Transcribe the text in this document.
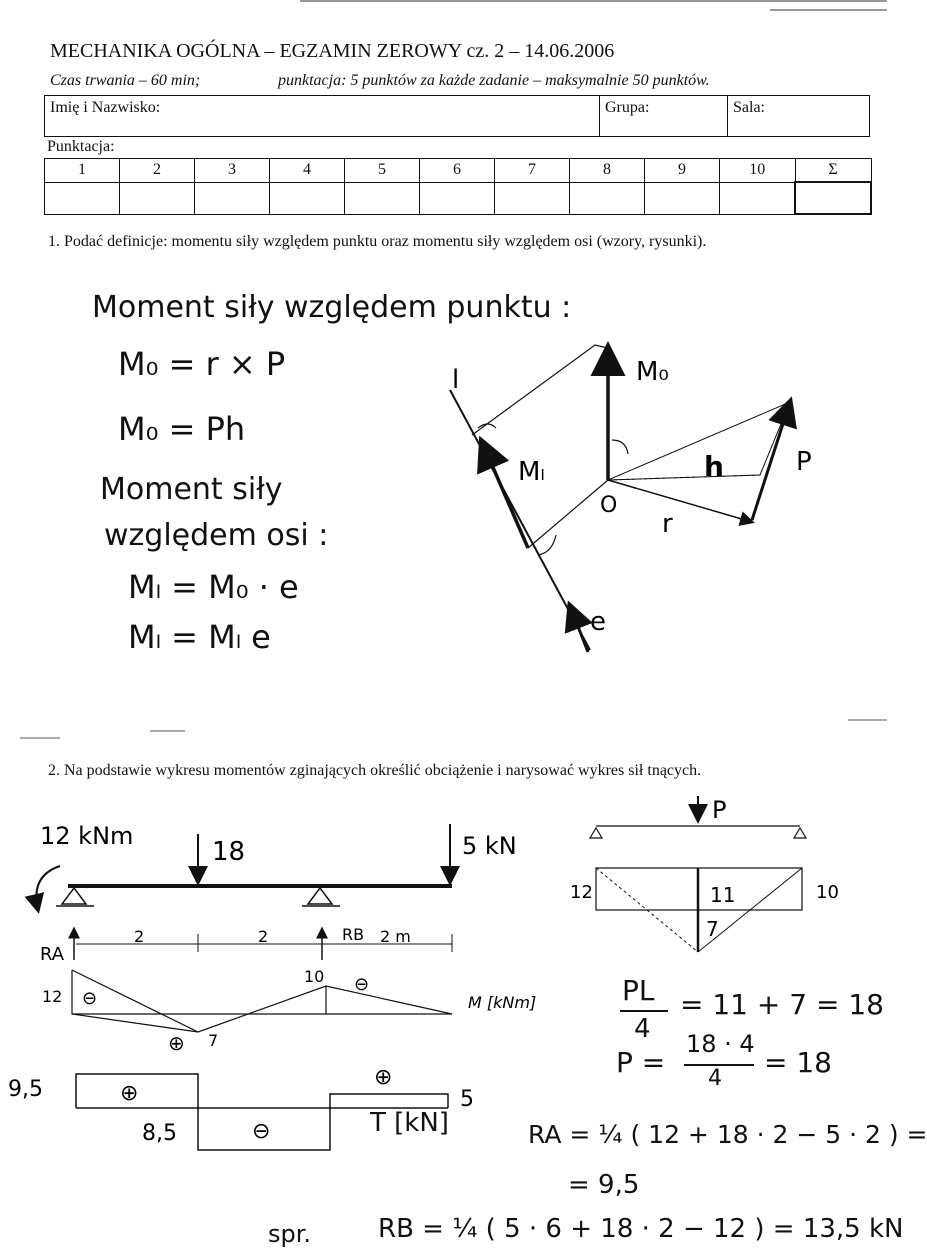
MECHANIKA OGÓLNA – EGZAMIN ZEROWY cz. 2 – 14.06.2006
Czas trwania – 60 min;	punktacja: 5 punktów za każde zadanie – maksymalnie 50 punktów.
Imię i Nazwisko:	Grupa:	Sala:
Punktacja:
1	2	3	4	5	6	7	8	9	10	Σ

1. Podać definicje: momentu siły względem punktu oraz momentu siły względem osi (wzory, rysunki).
Moment siły względem punktu :
M₀ = r × P
M₀ = Ph
Moment siły
względem osi :
Mₗ = M₀ · e
Mₗ = Mₗ e
l	M₀
Mₗ
O
h	P
r
e
2. Na podstawie wykresu momentów zginających określić obciążenie i narysować wykres sił tnących.
12 kNm
18	5 kN
RA
RB
2	2	2 m
12
7
10
M [kNm]
⊖
⊖
⊕
9,5
8,5
5
⊕
⊖
⊕
T [kN]
P
12	11	10
7
PL
4
= 11 + 7 = 18
P =
18 · 4
4 = 18
RA = ¼ ( 12 + 18 · 2 − 5 · 2 ) =
= 9,5
spr.	RB = ¼ ( 5 · 6 + 18 · 2 − 12 ) = 13,5 kN
